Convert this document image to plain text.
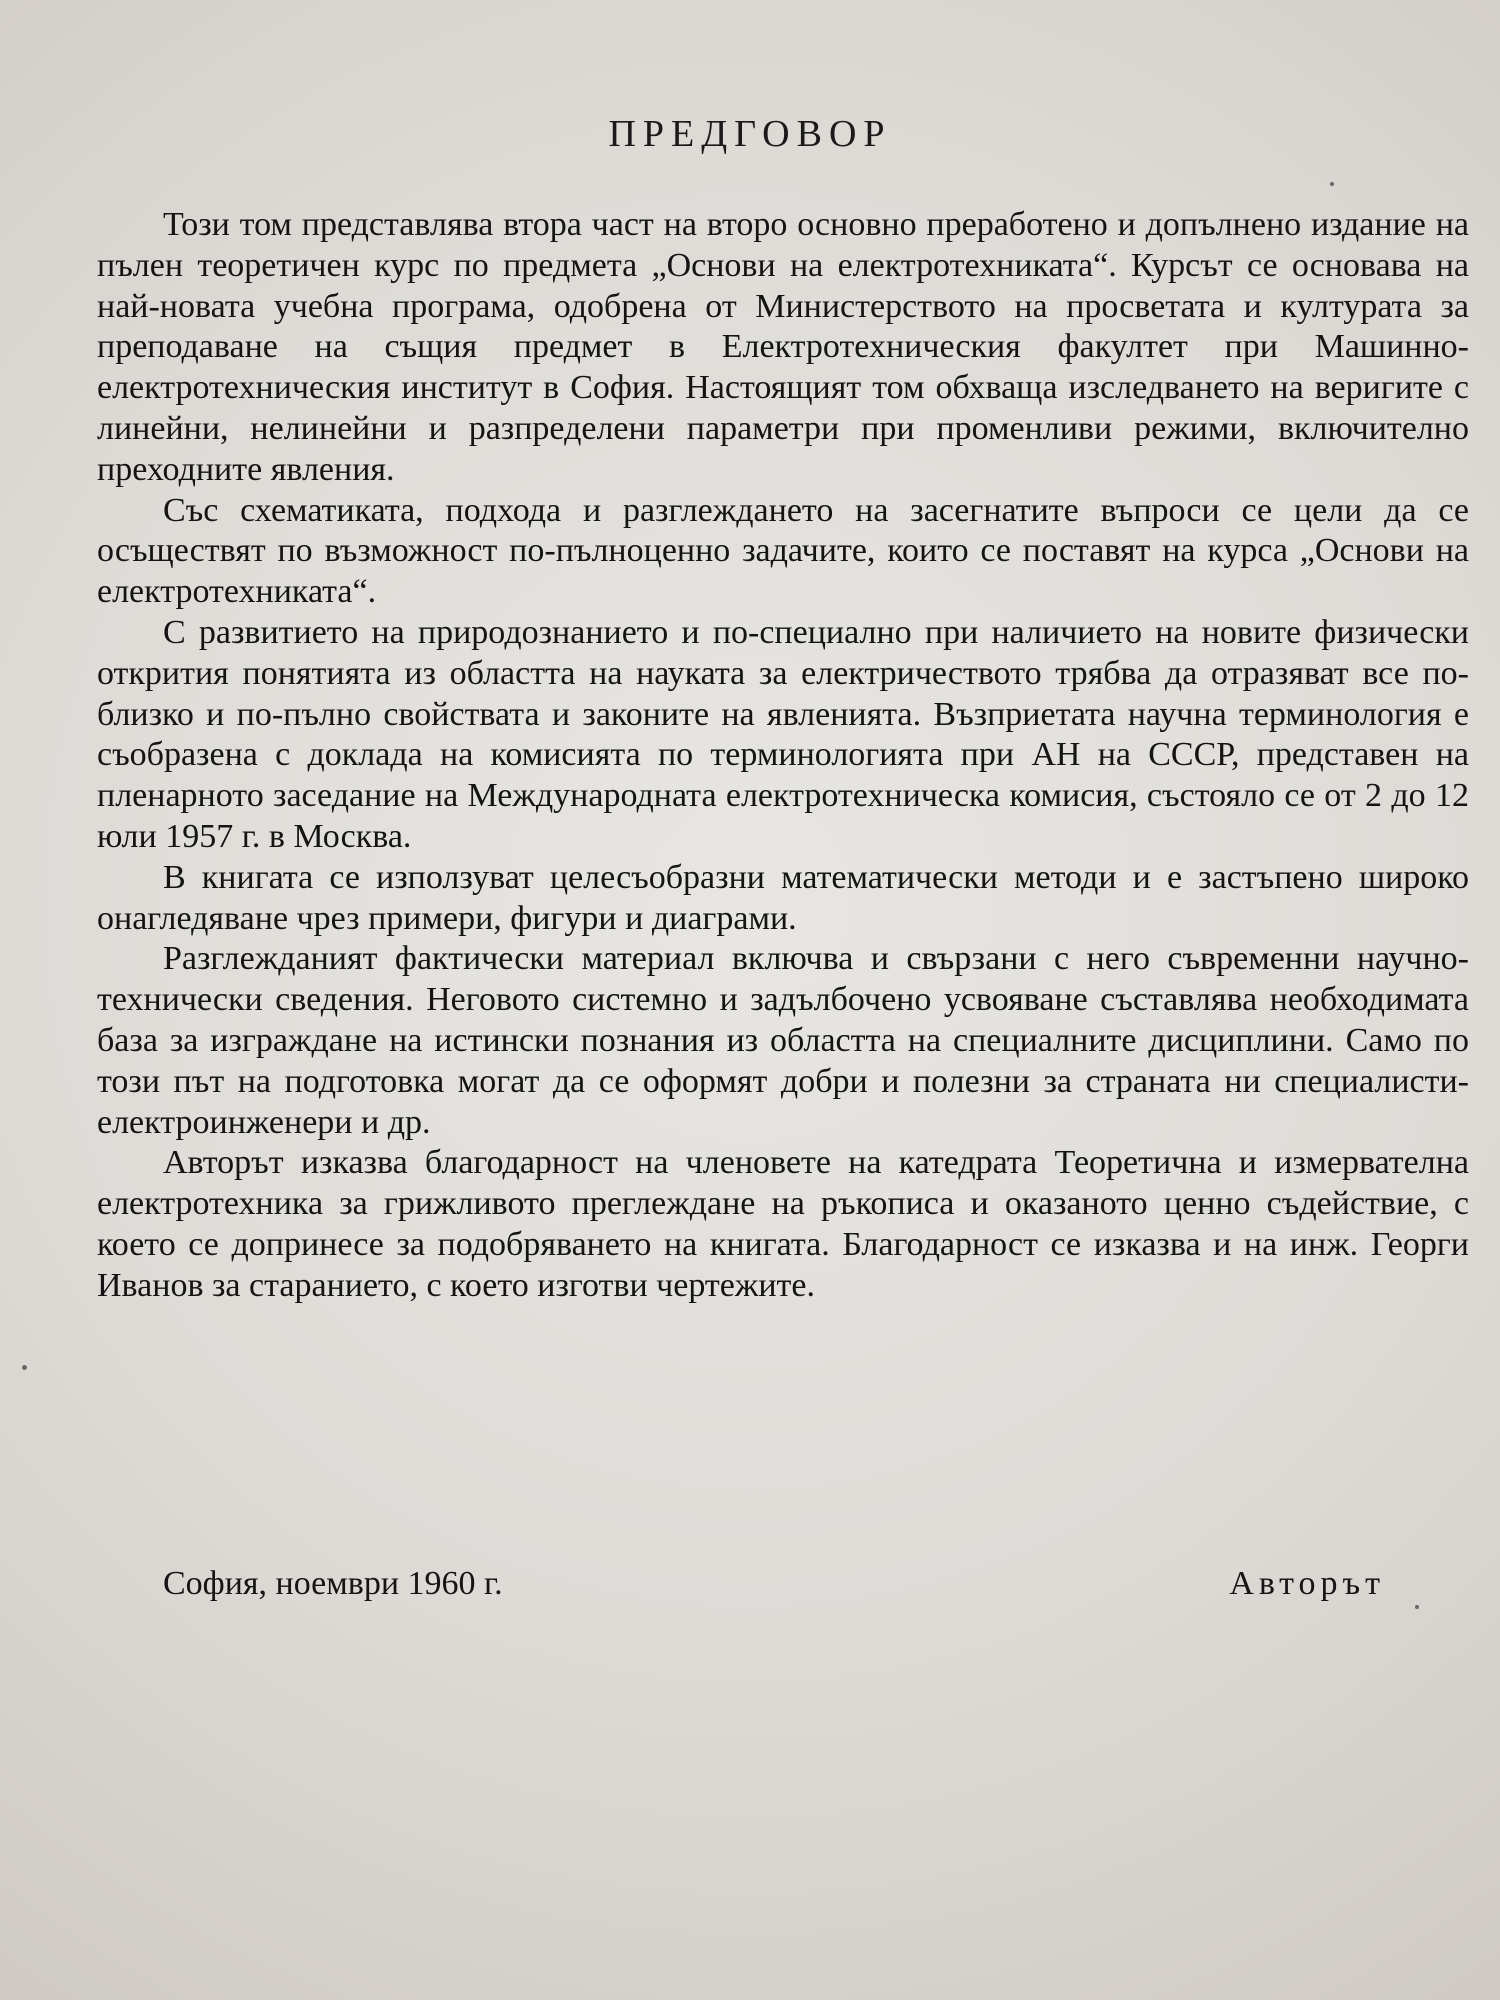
ПРЕДГОВОР

Този том представлява втора част на второ основно преработено и допълнено издание на пълен теоретичен курс по предмета „Основи на електротехниката“. Курсът се основава на най-новата учебна програма, одобрена от Министерството на просветата и културата за преподаване на същия предмет в Електротехническия факултет при Машинно-електротехническия институт в София. Настоящият том обхваща изследването на веригите с линейни, нелинейни и разпределени параметри при променливи режими, включително преходните явления.

Със схематиката, подхода и разглеждането на засегнатите въпроси се цели да се осъществят по възможност по-пълноценно задачите, които се поставят на курса „Основи на електротехниката“.

С развитието на природознанието и по-специално при наличието на новите физически открития понятията из областта на науката за електричеството трябва да отразяват все по-близко и по-пълно свойствата и законите на явленията. Възприетата научна терминология е съобразена с доклада на комисията по терминологията при АН на СССР, представен на пленарното заседание на Международната електротехническа комисия, състояло се от 2 до 12 юли 1957 г. в Москва.

В книгата се използуват целесъобразни математически методи и е застъпено широко онагледяване чрез примери, фигури и диаграми.

Разглежданият фактически материал включва и свързани с него съвременни научно-технически сведения. Неговото системно и задълбочено усвояване съставлява необходимата база за изграждане на истински познания из областта на специалните дисциплини. Само по този път на подготовка могат да се оформят добри и полезни за страната ни специалисти-електроинженери и др.

Авторът изказва благодарност на членовете на катедрата Теоретична и измервателна електротехника за грижливото преглеждане на ръкописа и оказаното ценно съдействие, с което се допринесе за подобряването на книгата. Благодарност се изказва и на инж. Георги Иванов за старанието, с което изготви чертежите.

София, ноември 1960 г.	Авторът
